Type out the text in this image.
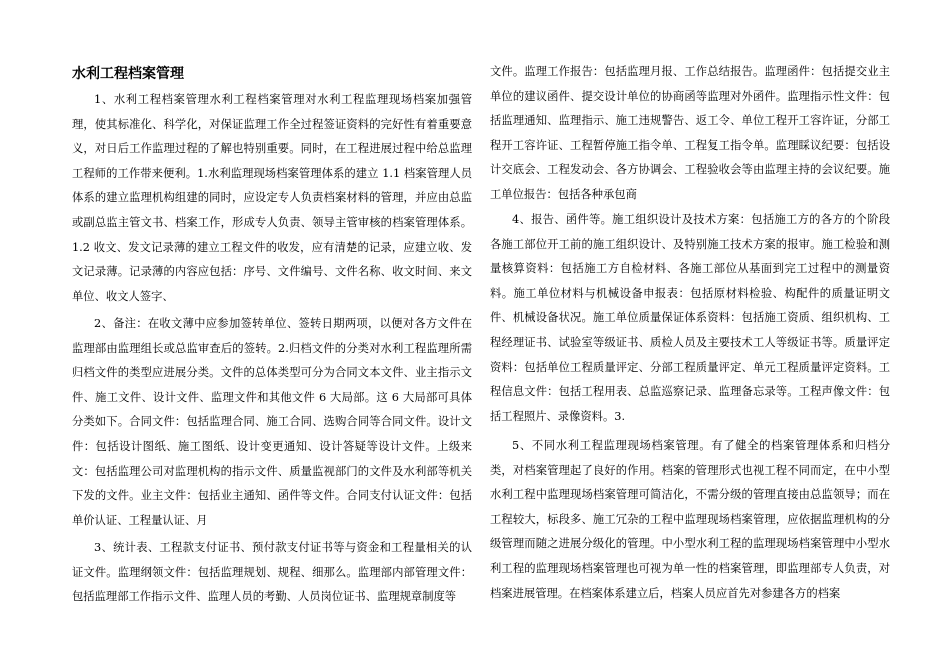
水利工程档案管理

1、水利工程档案管理水利工程档案管理对水利工程监理现场档案加强管理，使其标准化、科学化，对保证监理工作全过程签证资料的完好性有着重要意义，对日后工作监理过程的了解也特别重要。同时，在工程进展过程中给总监理工程师的工作带来便利。1.水利监理现场档案管理体系的建立 1.1 档案管理人员体系的建立监理机构组建的同时，应设定专人负责档案材料的管理，并应由总监或副总监主管文书、档案工作，形成专人负责、领导主管审核的档案管理体系。1.2 收文、发文记录薄的建立工程文件的收发，应有清楚的记录，应建立收、发文记录薄。记录薄的内容应包括：序号、文件编号、文件名称、收文时间、来文单位、收文人签字、

2、备注：在收文薄中应参加签转单位、签转日期两项，以便对各方文件在监理部由监理组长或总监审查后的签转。2.归档文件的分类对水利工程监理所需归档文件的类型应进展分类。文件的总体类型可分为合同文本文件、业主指示文件、施工文件、设计文件、监理文件和其他文件 6 大局部。这 6 大局部可具体分类如下。合同文件：包括监理合同、施工合同、选购合同等合同文件。设计文件：包括设计图纸、施工图纸、设计变更通知、设计答疑等设计文件。上级来文：包括监理公司对监理机构的指示文件、质量监视部门的文件及水利部等机关下发的文件。业主文件：包括业主通知、函件等文件。合同支付认证文件：包括单价认证、工程量认证、月

3、统计表、工程款支付证书、预付款支付证书等与资金和工程量相关的认证文件。监理纲领文件：包括监理规划、规程、细那么。监理部内部管理文件：包括监理部工作指示文件、监理人员的考勤、人员岗位证书、监理规章制度等

文件。监理工作报告：包括监理月报、工作总结报告。监理函件：包括提交业主单位的建议函件、提交设计单位的协商函等监理对外函件。监理指示性文件：包括监理通知、监理指示、施工违规警告、返工令、单位工程开工容许证，分部工程开工容许证、工程暂停施工指令单、工程复工指令单。监理睬议纪要：包括设计交底会、工程发动会、各方协调会、工程验收会等由监理主持的会议纪要。施工单位报告：包括各种承包商

4、报告、函件等。施工组织设计及技术方案：包括施工方的各方的个阶段各施工部位开工前的施工组织设计、及特别施工技术方案的报审。施工检验和测量核算资料：包括施工方自检材料、各施工部位从基面到完工过程中的测量资料。施工单位材料与机械设备申报表：包括原材料检验、构配件的质量证明文件、机械设备状况。施工单位质量保证体系资料：包括施工资质、组织机构、工程经理证书、试验室等级证书、质检人员及主要技术工人等级证书等。质量评定资料：包括单位工程质量评定、分部工程质量评定、单元工程质量评定资料。工程信息文件：包括工程用表、总监巡察记录、监理备忘录等。工程声像文件：包括工程照片、录像资料。3.

5、不同水利工程监理现场档案管理。有了健全的档案管理体系和归档分类，对档案管理起了良好的作用。档案的管理形式也视工程不同而定，在中小型水利工程中监理现场档案管理可简洁化，不需分级的管理直接由总监领导；而在工程较大，标段多、施工冗杂的工程中监理现场档案管理，应依据监理机构的分级管理而随之进展分级化的管理。中小型水利工程的监理现场档案管理中小型水利工程的监理现场档案管理也可视为单一性的档案管理，即监理部专人负责，对档案进展管理。在档案体系建立后，档案人员应首先对参建各方的档案
